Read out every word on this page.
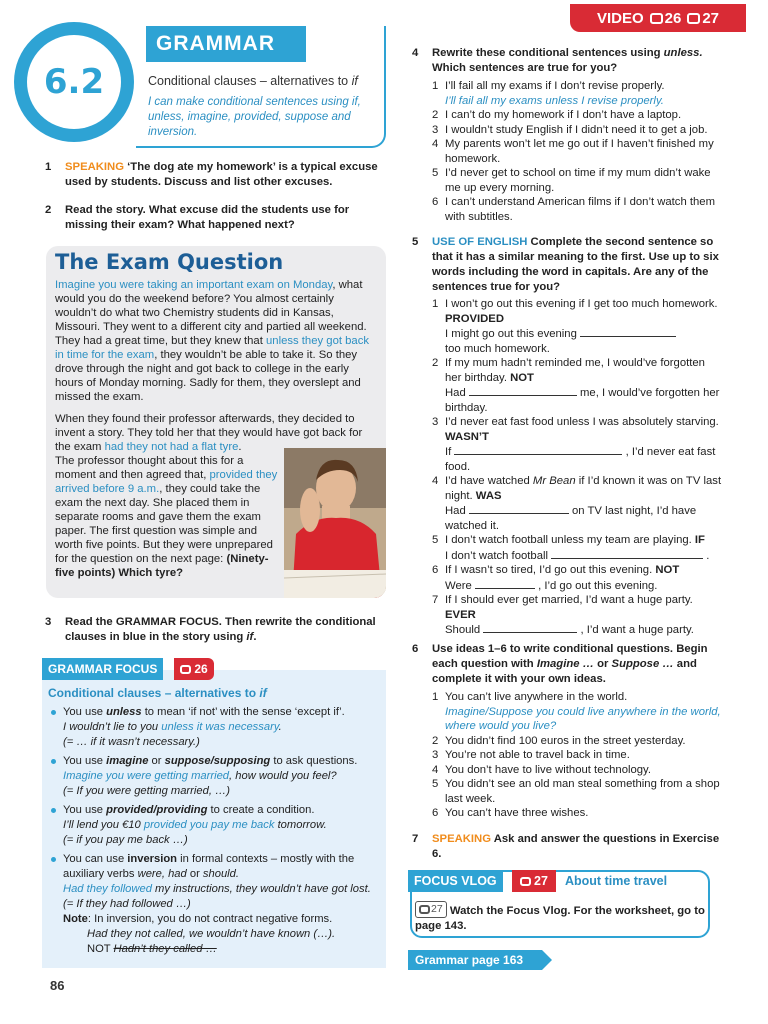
6.2
GRAMMAR
VIDEO 26 27
Conditional clauses – alternatives to if
I can make conditional sentences using if, unless, imagine, provided, suppose and inversion.
1 SPEAKING ‘The dog ate my homework’ is a typical excuse used by students. Discuss and list other excuses.
2 Read the story. What excuse did the students use for missing their exam? What happened next?
The Exam Question
Imagine you were taking an important exam on Monday, what would you do the weekend before? You almost certainly wouldn’t do what two Chemistry students did in Kansas, Missouri. They went to a different city and partied all weekend. They had a great time, but they knew that unless they got back in time for the exam, they wouldn’t be able to take it. So they drove through the night and got back to college in the early hours of Monday morning. Sadly for them, they overslept and missed the exam.
When they found their professor afterwards, they decided to invent a story. They told her that they would have got back for the exam had they not had a flat tyre.
The professor thought about this for a moment and then agreed that, provided they arrived before 9 a.m., they could take the exam the next day. She placed them in separate rooms and gave them the exam paper. The first question was simple and worth five points. But they were unprepared for the question on the next page: (Ninety-five points) Which tyre?
3 Read the GRAMMAR FOCUS. Then rewrite the conditional clauses in blue in the story using if.
GRAMMAR FOCUS	26
Conditional clauses – alternatives to if
You use unless to mean ‘if not’ with the sense ‘except if’.
I wouldn’t lie to you unless it was necessary.
(= … if it wasn’t necessary.)
You use imagine or suppose/supposing to ask questions.
Imagine you were getting married, how would you feel?
(= If you were getting married, …)
You use provided/providing to create a condition.
I’ll lend you €10 provided you pay me back tomorrow.
(= if you pay me back …)
You can use inversion in formal contexts – mostly with the auxiliary verbs were, had or should.
Had they followed my instructions, they wouldn’t have got lost. (= If they had followed …)
Note: In inversion, you do not contract negative forms.
Had they not called, we wouldn’t have known (…).
NOT Hadn’t they called …
86
4 Rewrite these conditional sentences using unless. Which sentences are true for you?
1 I’ll fail all my exams if I don’t revise properly.
I’ll fail all my exams unless I revise properly.
2 I can’t do my homework if I don’t have a laptop.
3 I wouldn’t study English if I didn’t need it to get a job.
4 My parents won’t let me go out if I haven’t finished my homework.
5 I’d never get to school on time if my mum didn’t wake me up every morning.
6 I can’t understand American films if I don’t watch them with subtitles.
5 USE OF ENGLISH Complete the second sentence so that it has a similar meaning to the first. Use up to six words including the word in capitals. Are any of the sentences true for you?
1 I won’t go out this evening if I get too much homework. PROVIDED
I might go out this evening
too much homework.
2 If my mum hadn’t reminded me, I would’ve forgotten her birthday. NOT
Had	me, I would’ve forgotten her birthday.
3 I’d never eat fast food unless I was absolutely starving. WASN’T
If	, I’d never eat fast food.
4 I’d have watched Mr Bean if I’d known it was on TV last night. WAS
Had	on TV last night, I’d have watched it.
5 I don’t watch football unless my team are playing. IF
I don’t watch football	.
6 If I wasn’t so tired, I’d go out this evening. NOT
Were	, I’d go out this evening.
7 If I should ever get married, I’d want a huge party.
EVER
Should	, I’d want a huge party.
6 Use ideas 1–6 to write conditional questions. Begin each question with Imagine … or Suppose … and complete it with your own ideas.
1 You can’t live anywhere in the world.
Imagine/Suppose you could live anywhere in the world, where would you live?
2 You didn’t find 100 euros in the street yesterday.
3 You’re not able to travel back in time.
4 You don’t have to live without technology.
5 You didn’t see an old man steal something from a shop last week.
6 You can’t have three wishes.
7 SPEAKING Ask and answer the questions in Exercise 6.
FOCUS VLOG	27 About time travel
27 Watch the Focus Vlog. For the worksheet, go to page 143.
Grammar page 163
